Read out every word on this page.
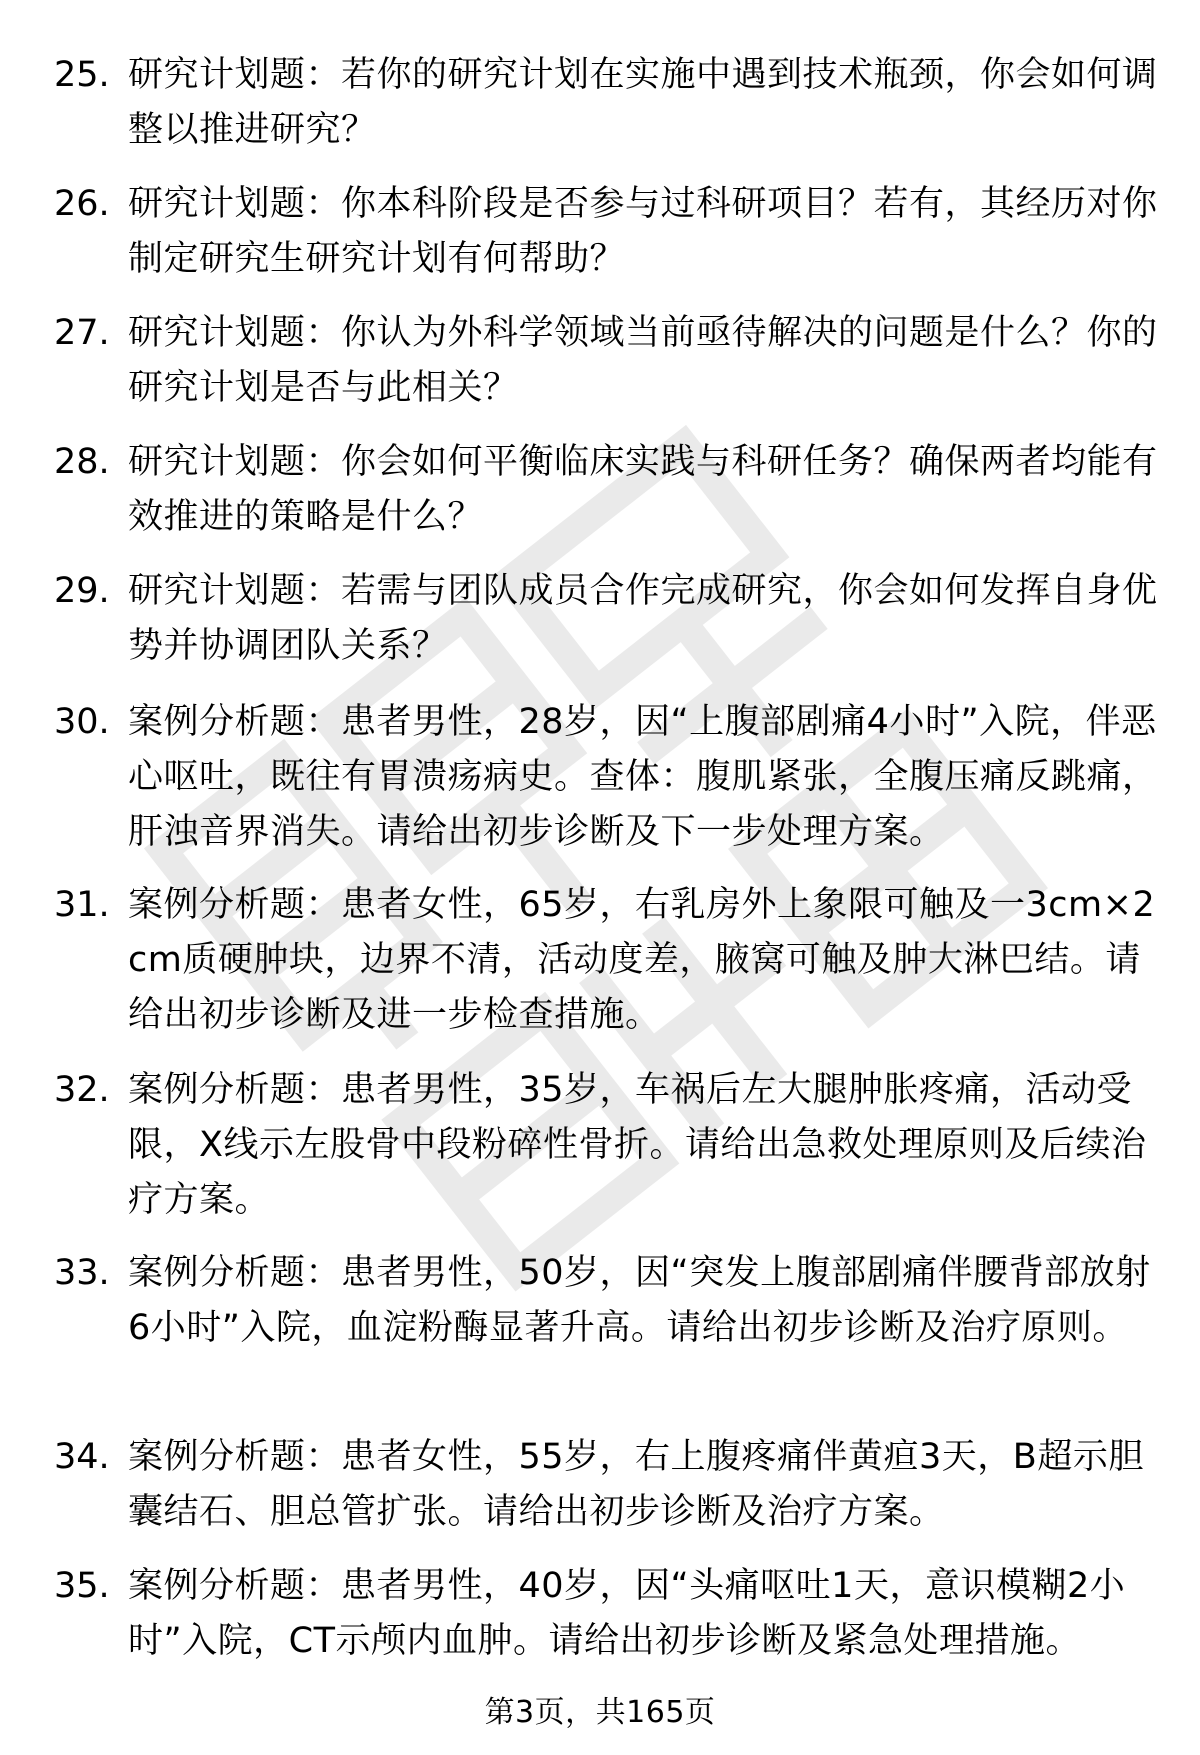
25. 研究计划题：若你的研究计划在实施中遇到技术瓶颈，你会如何调整以推进研究？
26. 研究计划题：你本科阶段是否参与过科研项目？若有，其经历对你制定研究生研究计划有何帮助？
27. 研究计划题：你认为外科学领域当前亟待解决的问题是什么？你的研究计划是否与此相关？
28. 研究计划题：你会如何平衡临床实践与科研任务？确保两者均能有效推进的策略是什么？
29. 研究计划题：若需与团队成员合作完成研究，你会如何发挥自身优势并协调团队关系？
30. 案例分析题：患者男性，28岁，因“上腹部剧痛4小时”入院，伴恶心呕吐，既往有胃溃疡病史。查体：腹肌紧张，全腹压痛反跳痛，肝浊音界消失。请给出初步诊断及下一步处理方案。
31. 案例分析题：患者女性，65岁，右乳房外上象限可触及一3cm×2cm质硬肿块，边界不清，活动度差，腋窝可触及肿大淋巴结。请给出初步诊断及进一步检查措施。
32. 案例分析题：患者男性，35岁，车祸后左大腿肿胀疼痛，活动受限，X线示左股骨中段粉碎性骨折。请给出急救处理原则及后续治疗方案。
33. 案例分析题：患者男性，50岁，因“突发上腹部剧痛伴腰背部放射6小时”入院，血淀粉酶显著升高。请给出初步诊断及治疗原则。
34. 案例分析题：患者女性，55岁，右上腹疼痛伴黄疸3天，B超示胆囊结石、胆总管扩张。请给出初步诊断及治疗方案。
35. 案例分析题：患者男性，40岁，因“头痛呕吐1天，意识模糊2小时”入院，CT示颅内血肿。请给出初步诊断及紧急处理措施。
第3页，共165页
